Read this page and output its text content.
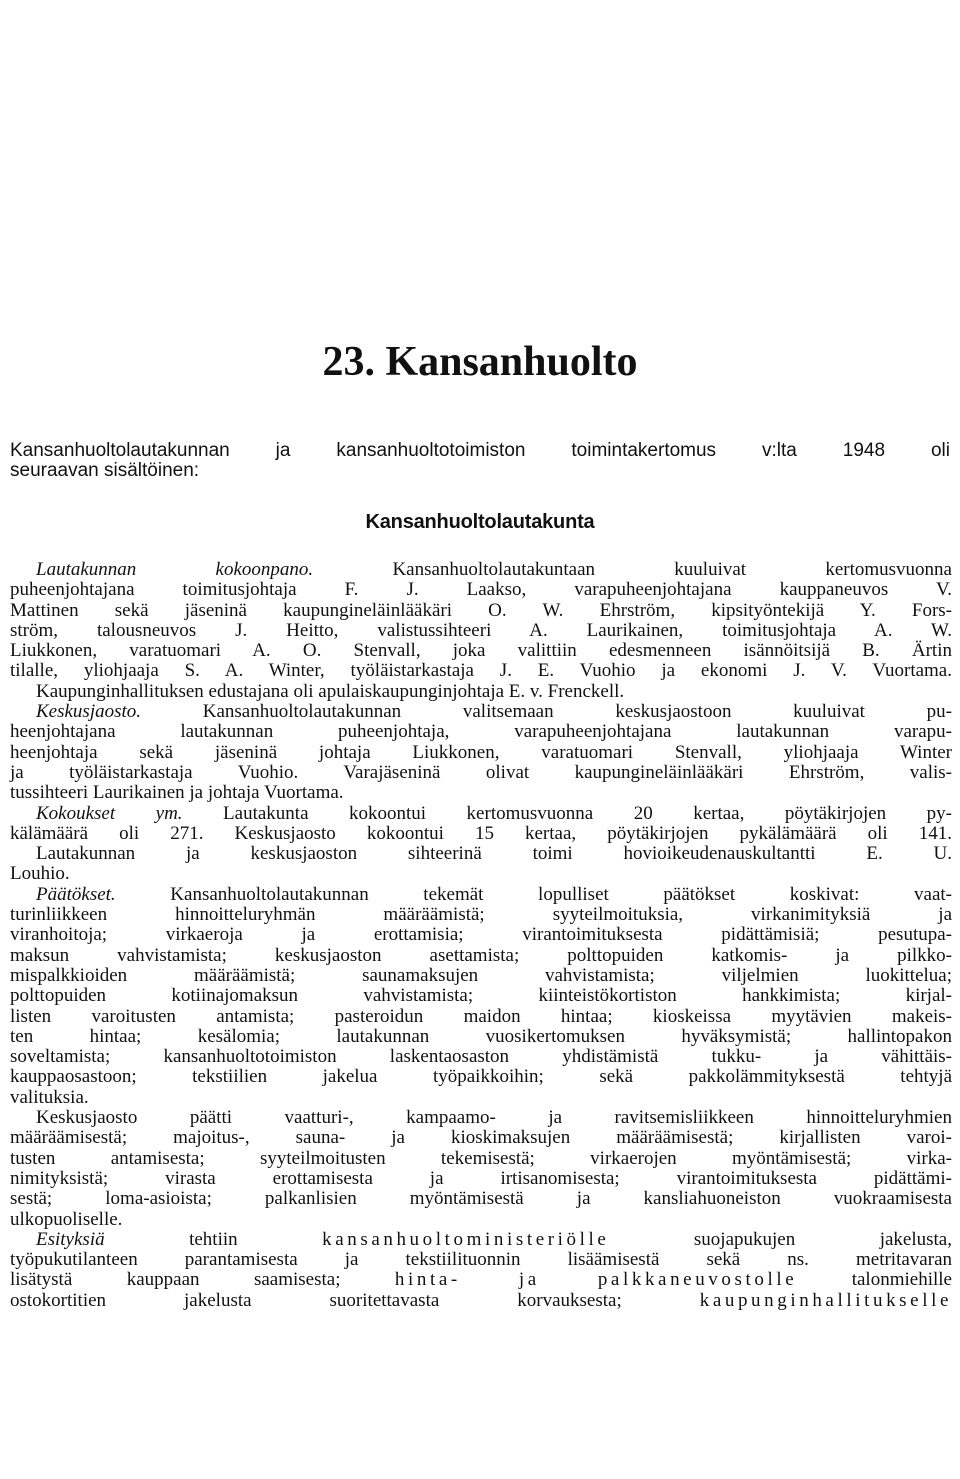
23. Kansanhuolto
Kansanhuoltolautakunnan ja kansanhuoltotoimiston toimintakertomus v:lta 1948 oli
seuraavan sisältöinen:
Kansanhuoltolautakunta
Lautakunnan kokoonpano. Kansanhuoltolautakuntaan kuuluivat kertomusvuonna
puheenjohtajana toimitusjohtaja F. J. Laakso, varapuheenjohtajana kauppaneuvos V.
Mattinen sekä jäseninä kaupungineläinlääkäri O. W. Ehrström, kipsityöntekijä Y. Fors-
ström, talousneuvos J. Heitto, valistussihteeri A. Laurikainen, toimitusjohtaja A. W.
Liukkonen, varatuomari A. O. Stenvall, joka valittiin edesmenneen isännöitsijä B. Ärtin
tilalle, yliohjaaja S. A. Winter, työläistarkastaja J. E. Vuohio ja ekonomi J. V. Vuortama.
Kaupunginhallituksen edustajana oli apulaiskaupunginjohtaja E. v. Frenckell.
Keskusjaosto. Kansanhuoltolautakunnan valitsemaan keskusjaostoon kuuluivat pu-
heenjohtajana lautakunnan puheenjohtaja, varapuheenjohtajana lautakunnan varapu-
heenjohtaja sekä jäseninä johtaja Liukkonen, varatuomari Stenvall, yliohjaaja Winter
ja työläistarkastaja Vuohio. Varajäseninä olivat kaupungineläinlääkäri Ehrström, valis-
tussihteeri Laurikainen ja johtaja Vuortama.
Kokoukset ym. Lautakunta kokoontui kertomusvuonna 20 kertaa, pöytäkirjojen py-
kälämäärä oli 271. Keskusjaosto kokoontui 15 kertaa, pöytäkirjojen pykälämäärä oli 141.
Lautakunnan ja keskusjaoston sihteerinä toimi hovioikeudenauskultantti E. U.
Louhio.
Päätökset. Kansanhuoltolautakunnan tekemät lopulliset päätökset koskivat: vaat-
turinliikkeen hinnoitteluryhmän määräämistä; syyteilmoituksia, virkanimityksiä ja
viranhoitoja; virkaeroja ja erottamisia; virantoimituksesta pidättämisiä; pesutupa-
maksun vahvistamista; keskusjaoston asettamista; polttopuiden katkomis- ja pilkko-
mispalkkioiden määräämistä; saunamaksujen vahvistamista; viljelmien luokittelua;
polttopuiden kotiinajomaksun vahvistamista; kiinteistökortiston hankkimista; kirjal-
listen varoitusten antamista; pasteroidun maidon hintaa; kioskeissa myytävien makeis-
ten hintaa; kesälomia; lautakunnan vuosikertomuksen hyväksymistä; hallintopakon
soveltamista; kansanhuoltotoimiston laskentaosaston yhdistämistä tukku- ja vähittäis-
kauppaosastoon; tekstiilien jakelua työpaikkoihin; sekä pakkolämmityksestä tehtyjä
valituksia.
Keskusjaosto päätti vaatturi-, kampaamo- ja ravitsemisliikkeen hinnoitteluryhmien
määräämisestä; majoitus-, sauna- ja kioskimaksujen määräämisestä; kirjallisten varoi-
tusten antamisesta; syyteilmoitusten tekemisestä; virkaerojen myöntämisestä; virka-
nimityksistä; virasta erottamisesta ja irtisanomisesta; virantoimituksesta pidättämi-
sestä; loma-asioista; palkanlisien myöntämisestä ja kansliahuoneiston vuokraamisesta
ulkopuoliselle.
Esityksiä tehtiin kansanhuoltoministeriölle suojapukujen jakelusta,
työpukutilanteen parantamisesta ja tekstiilituonnin lisäämisestä sekä ns. metritavaran
lisätystä kauppaan saamisesta; hinta- ja palkkaneuvostolle talonmiehille
ostokortitien jakelusta suoritettavasta korvauksesta; kaupunginhallitukselle
